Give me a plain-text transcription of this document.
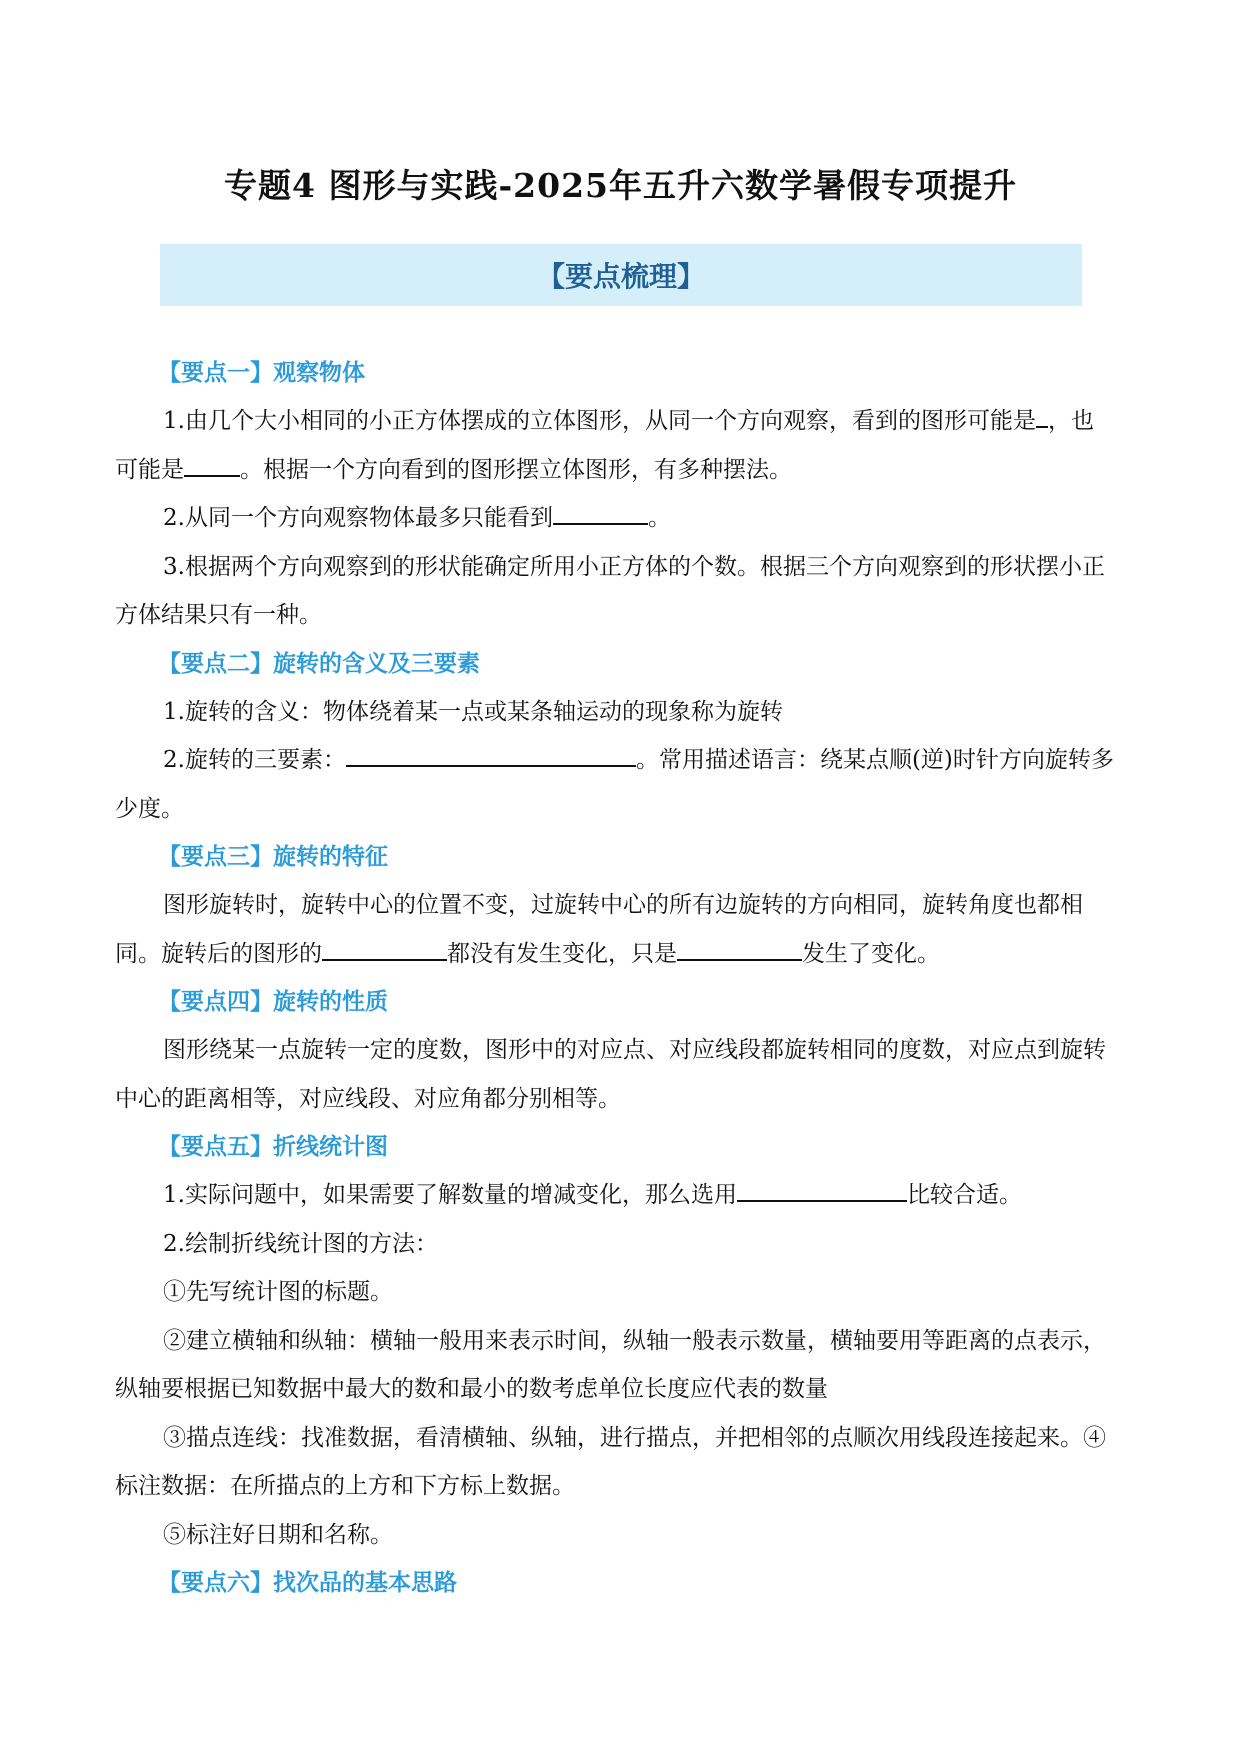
专题4 图形与实践-2025年五升六数学暑假专项提升
【要点梳理】
【要点一】观察物体

1.由几个大小相同的小正方体摆成的立体图形，从同一个方向观察，看到的图形可能是 ，也可能是 。根据一个方向看到的图形摆立体图形，有多种摆法。

2.从同一个方向观察物体最多只能看到	。

3.根据两个方向观察到的形状能确定所用小正方体的个数。根据三个方向观察到的形状摆小正方体结果只有一种。

【要点二】旋转的含义及三要素

1.旋转的含义：物体绕着某一点或某条轴运动的现象称为旋转

2.旋转的三要素：	。常用描述语言：绕某点顺(逆)时针方向旋转多少度。

【要点三】旋转的特征

图形旋转时，旋转中心的位置不变，过旋转中心的所有边旋转的方向相同，旋转角度也都相同。旋转后的图形的	都没有发生变化，只是	发生了变化。

【要点四】旋转的性质

图形绕某一点旋转一定的度数，图形中的对应点、对应线段都旋转相同的度数，对应点到旋转中心的距离相等，对应线段、对应角都分别相等。

【要点五】折线统计图

1.实际问题中，如果需要了解数量的增减变化，那么选用	比较合适。

2.绘制折线统计图的方法：

①先写统计图的标题。

②建立横轴和纵轴：横轴一般用来表示时间，纵轴一般表示数量，横轴要用等距离的点表示，纵轴要根据已知数据中最大的数和最小的数考虑单位长度应代表的数量

③描点连线：找准数据，看清横轴、纵轴，进行描点，并把相邻的点顺次用线段连接起来。④标注数据：在所描点的上方和下方标上数据。

⑤标注好日期和名称。

【要点六】找次品的基本思路
